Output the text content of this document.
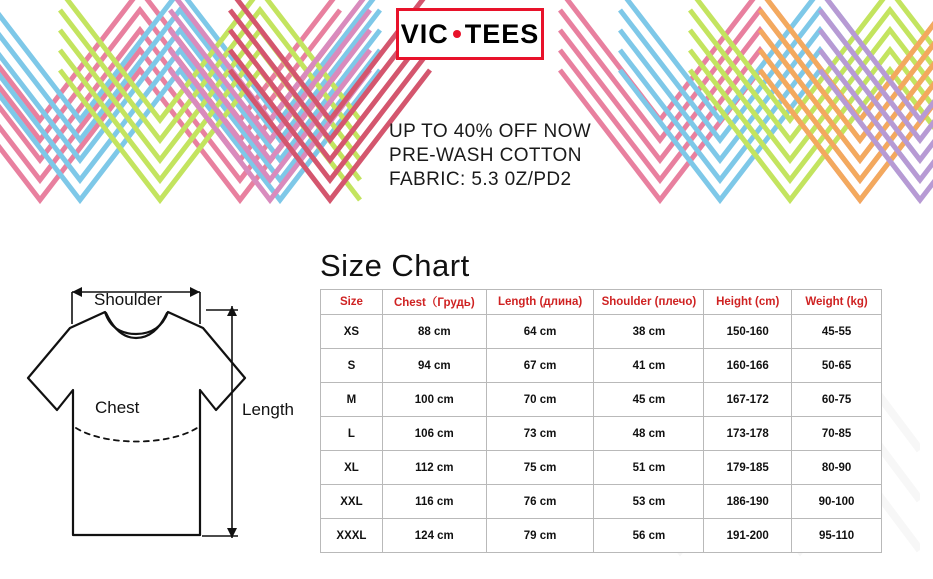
VIC TEES
UP TO 40% OFF NOW
PRE-WASH COTTON
FABRIC: 5.3 0Z/PD2
Shoulder
Chest	Length
Size Chart
Size	Chest（Грудь)	Length (длина)	Shoulder (плечо)	Height (cm)	Weight (kg)
XS	88 cm	64 cm	38 cm	150-160	45-55
S	94 cm	67 cm	41 cm	160-166	50-65
M	100 cm	70 cm	45 cm	167-172	60-75
L	106 cm	73 cm	48 cm	173-178	70-85
XL	112 cm	75 cm	51 cm	179-185	80-90
XXL	116 cm	76 cm	53 cm	186-190	90-100
XXXL	124 cm	79 cm	56 cm	191-200	95-110
